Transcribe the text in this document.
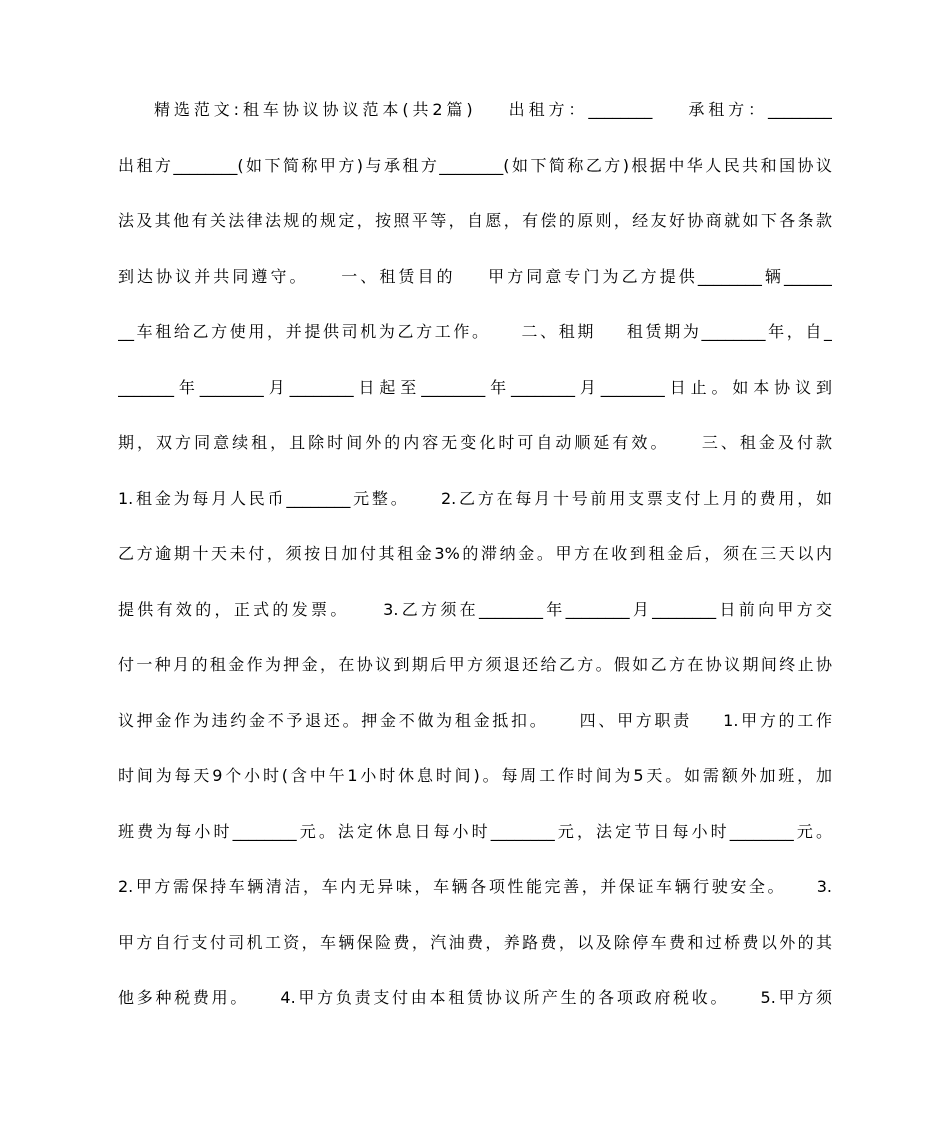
精选范文:租车协议协议范本(共2篇)    出租方：________    承租方：________
出租方________(如下简称甲方)与承租方________(如下简称乙方)根据中华人民共和国协议
法及其他有关法律法规的规定，按照平等，自愿，有偿的原则，经友好协商就如下各条款
到达协议并共同遵守。    一、租赁目的    甲方同意专门为乙方提供________辆______
__车租给乙方使用，并提供司机为乙方工作。    二、租期    租赁期为________年，自_
_______年________月________日起至________年________月________日止。如本协议到
期，双方同意续租，且除时间外的内容无变化时可自动顺延有效。    三、租金及付款
1.租金为每月人民币________元整。    2.乙方在每月十号前用支票支付上月的费用，如
乙方逾期十天未付，须按日加付其租金3%的滞纳金。甲方在收到租金后，须在三天以内
提供有效的，正式的发票。    3.乙方须在________年________月________日前向甲方交
付一种月的租金作为押金，在协议到期后甲方须退还给乙方。假如乙方在协议期间终止协
议押金作为违约金不予退还。押金不做为租金抵扣。    四、甲方职责    1.甲方的工作
时间为每天9个小时(含中午1小时休息时间)。每周工作时间为5天。如需额外加班，加
班费为每小时________元。法定休息日每小时________元，法定节日每小时________元。
2.甲方需保持车辆清洁，车内无异味，车辆各项性能完善，并保证车辆行驶安全。    3.
甲方自行支付司机工资，车辆保险费，汽油费，养路费，以及除停车费和过桥费以外的其
他多种税费用。    4.甲方负责支付由本租赁协议所产生的各项政府税收。    5.甲方须
